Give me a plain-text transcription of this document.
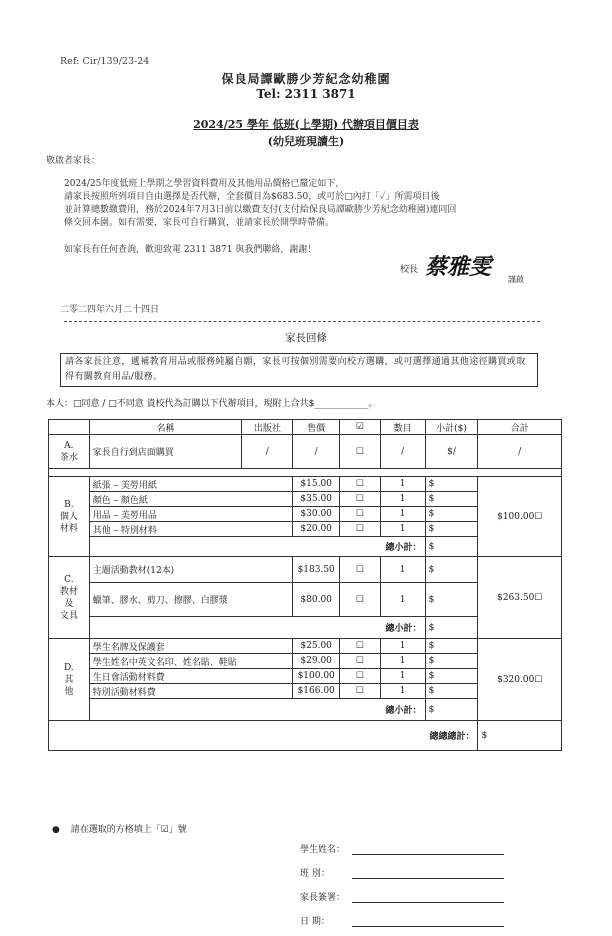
Ref: Cir/139/23-24
保良局譚歐勝少芳紀念幼稚園
Tel: 2311 3871
2024/25 學年 低班(上學期) 代辦項目價目表
(幼兒班現讀生)
敬啟者家長：
2024/25年度低班上學期之學習資料費用及其他用品價格已釐定如下，
請家長按照所列項目自由選擇是否代辦，全套價目為$683.50，或可於□內打「✓」所需項目後
並計算總數繳費用，務於2024年7月3日前以繳費支付(支付給保良局譚歐勝少芳紀念幼稚園)連同回
條交回本園。如有需要，家長可自行購買，並請家長於開學時帶備。
如家長有任何查詢，歡迎致電 2311 3871 與我們聯絡，謝謝！
校長 蔡雅雯 謹啟
二零二四年六月二十四日
家長回條
請各家長注意，遞補教育用品或服務純屬自願，家長可按個別需要向校方選購，或可選擇通過其他途徑購買或取得有關教育用品/服務。
本人：□同意 / □不同意 貴校代為訂購以下代辦項目，現附上合共$____________。
	名稱	出版社	售價	☑	數目	小計($)	合計
A.
茶水	家長自行到店面購買	/	/	☐	/	$/	/

B.
個人
材料	紙張 – 美勞用紙		$15.00	☐	1	$	$100.00☐
	顏色 – 顏色紙		$35.00	☐	1	$	
	用品 – 美勞用品		$30.00	☐	1	$	
	其他 – 特別材料		$20.00	☐	1	$	
	總小計：					$	
C.
教材
及
文具	主題活動教材(12本)		$183.50	☐	1	$	$263.50☐
	蠟筆、膠水、剪刀、擦膠、白膠漿		$80.00	☐	1	$	
	總小計：					$	
D.
其
他	學生名牌及保護套		$25.00	☐	1	$	$320.00☐
	學生姓名中英文名印、姓名貼、鞋貼		$29.00	☐	1	$	
	生日會活動材料費		$100.00	☐	1	$	
	特別活動材料費		$166.00	☐	1	$	
	總小計：					$	
總總總計：							$
● 請在選取的方格填上「☑」號
學生姓名：
班 別：
家長簽署：
日 期：
